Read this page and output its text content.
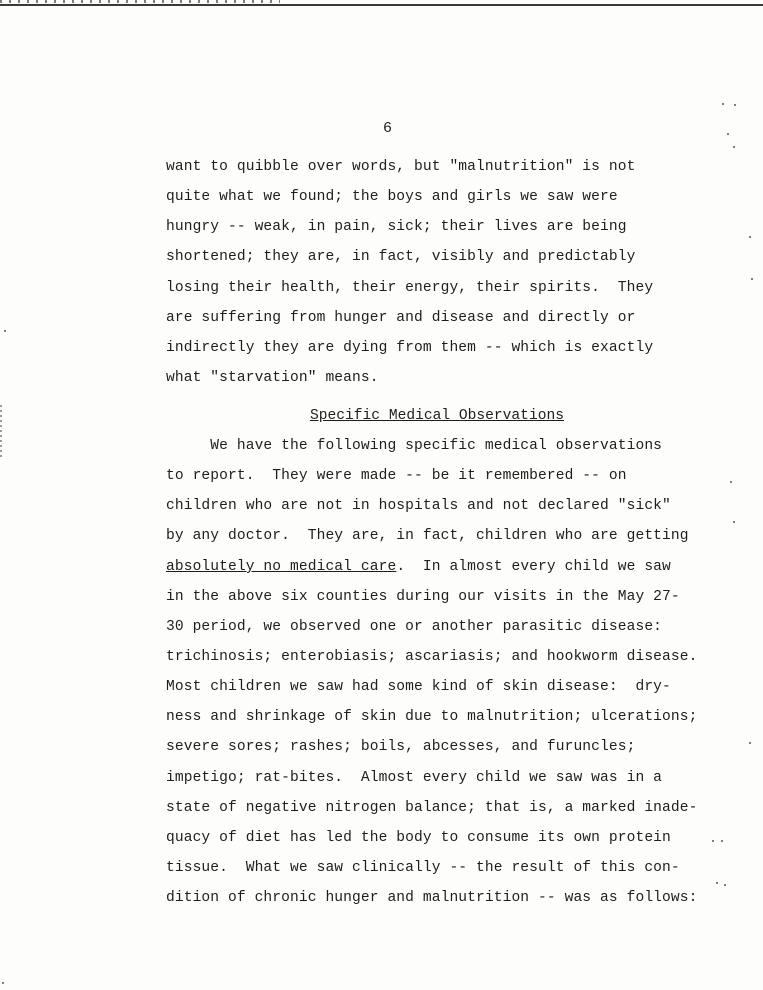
6
want to quibble over words, but "malnutrition" is not
quite what we found; the boys and girls we saw were
hungry -- weak, in pain, sick; their lives are being
shortened; they are, in fact, visibly and predictably
losing their health, their energy, their spirits.  They
are suffering from hunger and disease and directly or
indirectly they are dying from them -- which is exactly
what "starvation" means.
Specific Medical Observations
We have the following specific medical observations
to report.  They were made -- be it remembered -- on
children who are not in hospitals and not declared "sick"
by any doctor.  They are, in fact, children who are getting
absolutely no medical care.  In almost every child we saw
in the above six counties during our visits in the May 27-
30 period, we observed one or another parasitic disease:
trichinosis; enterobiasis; ascariasis; and hookworm disease.
Most children we saw had some kind of skin disease:  dry-
ness and shrinkage of skin due to malnutrition; ulcerations;
severe sores; rashes; boils, abcesses, and furuncles;
impetigo; rat-bites.  Almost every child we saw was in a
state of negative nitrogen balance; that is, a marked inade-
quacy of diet has led the body to consume its own protein
tissue.  What we saw clinically -- the result of this con-
dition of chronic hunger and malnutrition -- was as follows:
